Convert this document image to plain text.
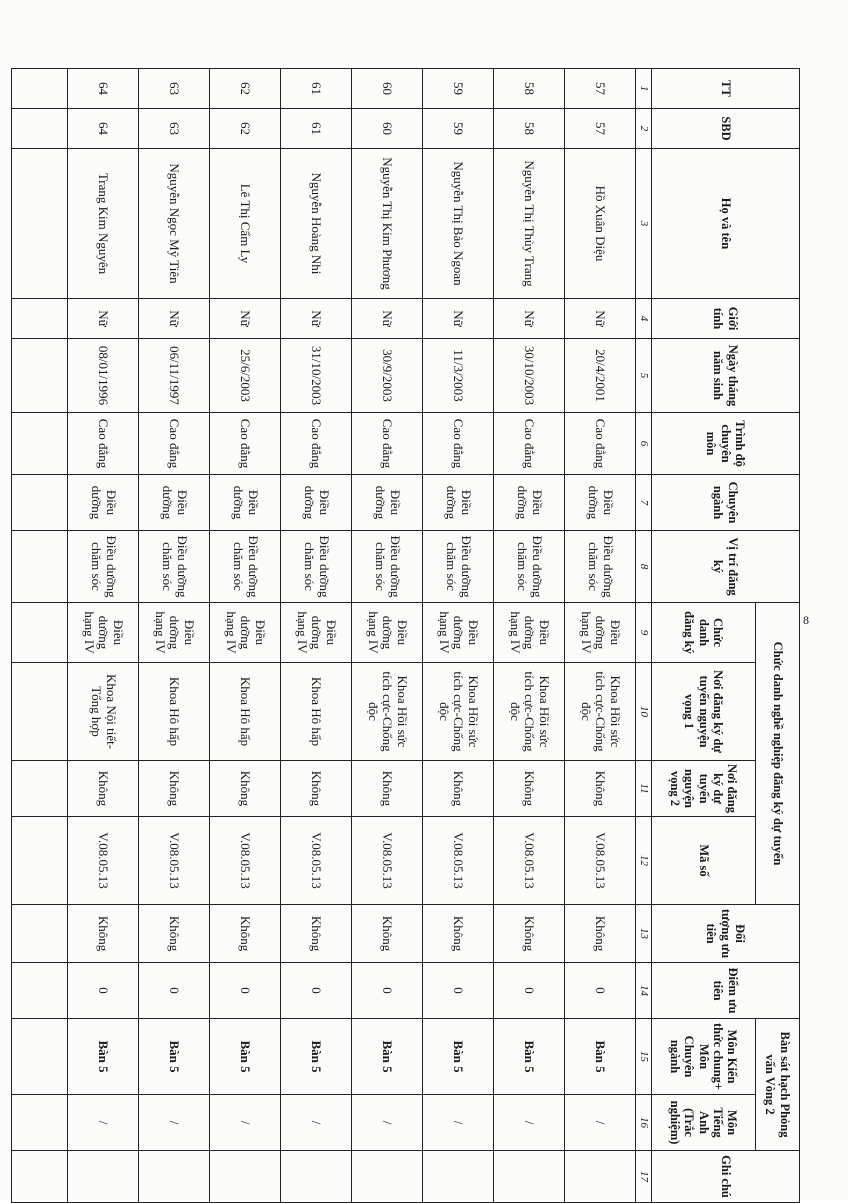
8
TT	SBD	Họ và tên	Giới tính	Ngày tháng năm sinh	Trình độ chuyên môn	Chuyên ngành	Vị trí đăng ký	Chức danh nghề nghiệp đăng ký dự tuyển				Đối tượng ưu tiên	Điểm ưu tiên	Bàn sát hạch Phỏng vấn Vòng 2		Ghi chú
								Chức danh đăng ký	Nơi đăng ký dự tuyển nguyện vọng 1	Nơi đăng ký dự tuyển nguyện vọng 2	Mã số			Môn Kiến thức chung+ Môn Chuyên ngành	Môn Tiếng Anh (Trắc nghiệm)	
1	2	3	4	5	6	7	8	9	10	11	12	13	14	15	16	17
57	57	Hồ Xuân Diệu	Nữ	20/4/2001	Cao đẳng	Điều dưỡng	Điều dưỡng chăm sóc	Điều dưỡng hạng IV	Khoa Hồi sức tích cực-Chống độc	Không	V.08.05.13	Không	0	Bàn 5	/	
58	58	Nguyễn Thị Thùy Trang	Nữ	30/10/2003	Cao đẳng	Điều dưỡng	Điều dưỡng chăm sóc	Điều dưỡng hạng IV	Khoa Hồi sức tích cực-Chống độc	Không	V.08.05.13	Không	0	Bàn 5	/	
59	59	Nguyễn Thị Bảo Ngoan	Nữ	11/3/2003	Cao đẳng	Điều dưỡng	Điều dưỡng chăm sóc	Điều dưỡng hạng IV	Khoa Hồi sức tích cực-Chống độc	Không	V.08.05.13	Không	0	Bàn 5	/	
60	60	Nguyễn Thị Kim Phương	Nữ	30/9/2003	Cao đẳng	Điều dưỡng	Điều dưỡng chăm sóc	Điều dưỡng hạng IV	Khoa Hồi sức tích cực-Chống độc	Không	V.08.05.13	Không	0	Bàn 5	/	
61	61	Nguyễn Hoàng Nhi	Nữ	31/10/2003	Cao đẳng	Điều dưỡng	Điều dưỡng chăm sóc	Điều dưỡng hạng IV	Khoa Hô hấp	Không	V.08.05.13	Không	0	Bàn 5	/	
62	62	Lê Thị Cẩm Ly	Nữ	25/6/2003	Cao đẳng	Điều dưỡng	Điều dưỡng chăm sóc	Điều dưỡng hạng IV	Khoa Hô hấp	Không	V.08.05.13	Không	0	Bàn 5	/	
63	63	Nguyễn Ngọc Mỹ Tiên	Nữ	06/11/1997	Cao đẳng	Điều dưỡng	Điều dưỡng chăm sóc	Điều dưỡng hạng IV	Khoa Hô hấp	Không	V.08.05.13	Không	0	Bàn 5	/	
64	64	Trang Kim Nguyên	Nữ	08/01/1996	Cao đẳng	Điều dưỡng	Điều dưỡng chăm sóc	Điều dưỡng hạng IV	Khoa Nội tiết-Tổng hợp	Không	V.08.05.13	Không	0	Bàn 5	/	
